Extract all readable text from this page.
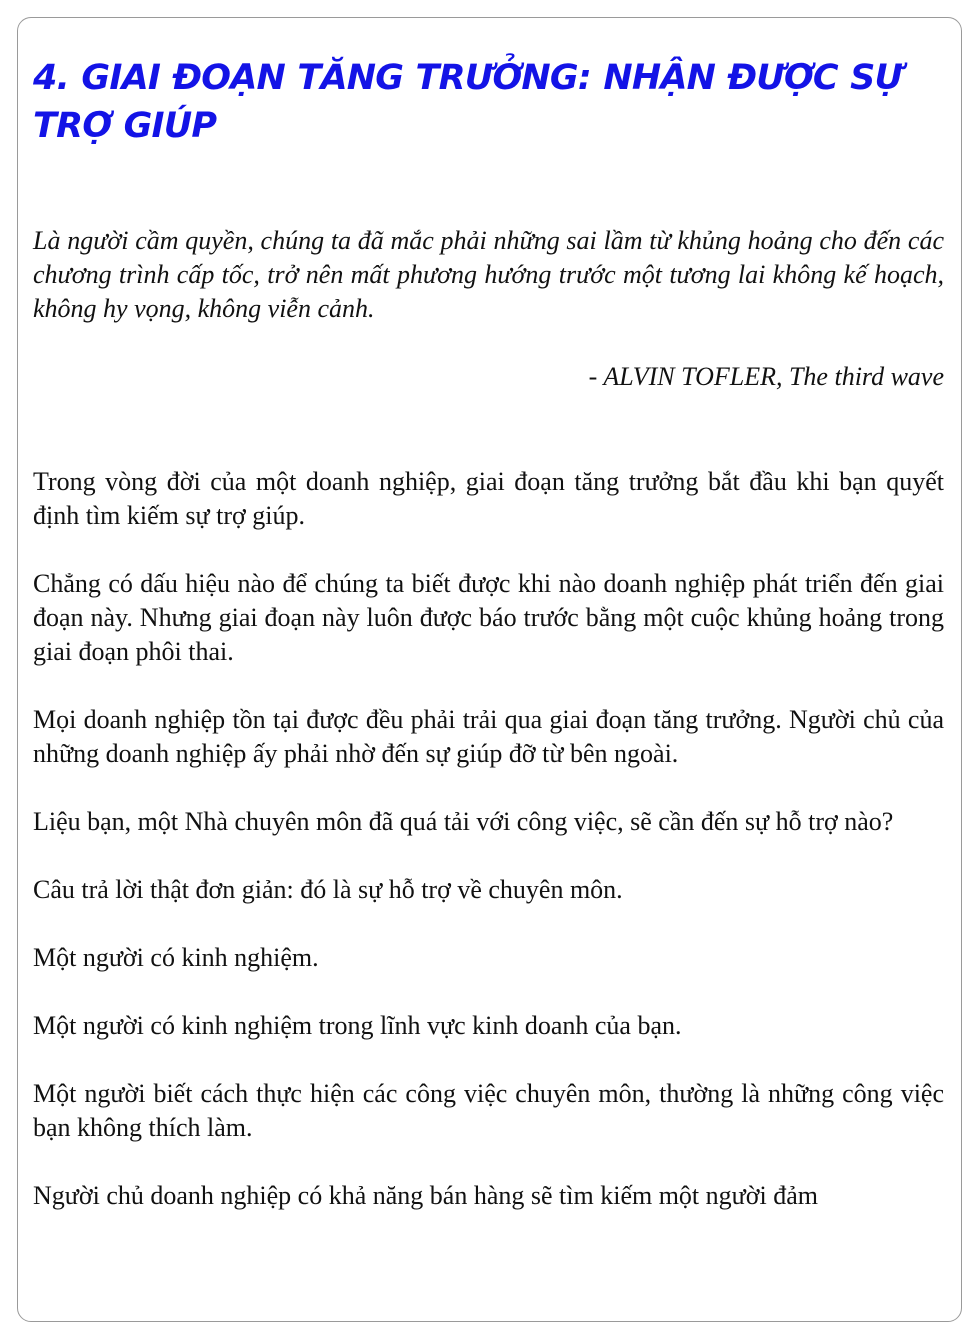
4. GIAI ĐOẠN TĂNG TRƯỞNG: NHẬN ĐƯỢC SỰ TRỢ GIÚP

Là người cầm quyền, chúng ta đã mắc phải những sai lầm từ khủng hoảng cho đến các chương trình cấp tốc, trở nên mất phương hướng trước một tương lai không kế hoạch, không hy vọng, không viễn cảnh.

- ALVIN TOFLER, The third wave

Trong vòng đời của một doanh nghiệp, giai đoạn tăng trưởng bắt đầu khi bạn quyết định tìm kiếm sự trợ giúp.

Chẳng có dấu hiệu nào để chúng ta biết được khi nào doanh nghiệp phát triển đến giai đoạn này. Nhưng giai đoạn này luôn được báo trước bằng một cuộc khủng hoảng trong giai đoạn phôi thai.

Mọi doanh nghiệp tồn tại được đều phải trải qua giai đoạn tăng trưởng. Người chủ của những doanh nghiệp ấy phải nhờ đến sự giúp đỡ từ bên ngoài.

Liệu bạn, một Nhà chuyên môn đã quá tải với công việc, sẽ cần đến sự hỗ trợ nào?

Câu trả lời thật đơn giản: đó là sự hỗ trợ về chuyên môn.

Một người có kinh nghiệm.

Một người có kinh nghiệm trong lĩnh vực kinh doanh của bạn.

Một người biết cách thực hiện các công việc chuyên môn, thường là những công việc bạn không thích làm.

Người chủ doanh nghiệp có khả năng bán hàng sẽ tìm kiếm một người đảm
